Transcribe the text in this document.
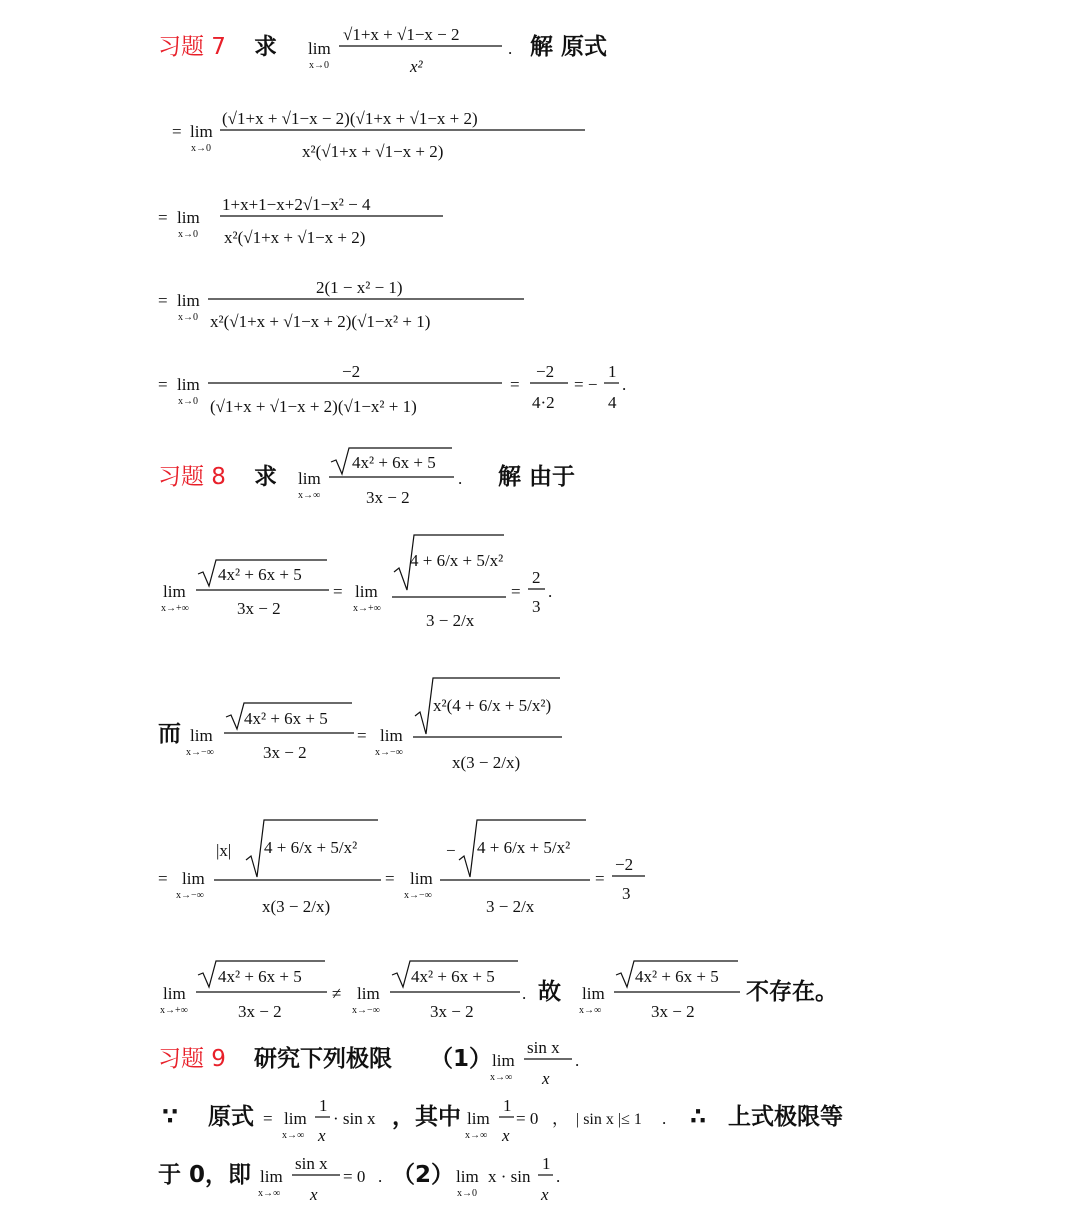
习题 7 求 lim
x→0
√1+x + √1−x − 2
x²
. 解 原式
= lim
x→0
(√1+x + √1−x − 2)(√1+x + √1−x + 2)
x²(√1+x + √1−x + 2)
= lim
x→0
1+x+1−x+2√1−x² − 4
x²(√1+x + √1−x + 2)
= lim
x→0
2(1 − x² − 1)
x²(√1+x + √1−x + 2)(√1−x² + 1)
= lim
x→0
−2
(√1+x + √1−x + 2)(√1−x² + 1)
=
−2
4·2
= −
1
4
.
习题 8 求 lim
x→∞
4x² + 6x + 5
3x − 2
. 解 由于
lim
x→+∞
4x² + 6x + 5
3x − 2
= lim
x→+∞
4 + 6/x + 5/x²
3 − 2/x
=
2
3
.
而 lim
x→−∞
4x² + 6x + 5
3x − 2
= lim
x→−∞
x²(4 + 6/x + 5/x²)
x(3 − 2/x)
= lim
x→−∞
|x| 4 + 6/x + 5/x²
x(3 − 2/x)
= lim
x→−∞
− 4 + 6/x + 5/x²
3 − 2/x
=
−2
3
lim
x→+∞
4x² + 6x + 5
3x − 2
≠ lim
x→−∞
4x² + 6x + 5
3x − 2
. 故 lim
x→∞
4x² + 6x + 5
3x − 2
不存在。
习题 9 研究下列极限 （1） lim
x→∞
sin x
x
.
∵ 原式 = lim
x→∞
1
x
· sin x ，其中 lim
x→∞
1
x
= 0 ， | sin x |≤ 1 . ∴ 上式极限等
于 0，即 lim
x→∞
sin x
x
= 0 . （2） lim
x→0
x · sin
1
x
.
